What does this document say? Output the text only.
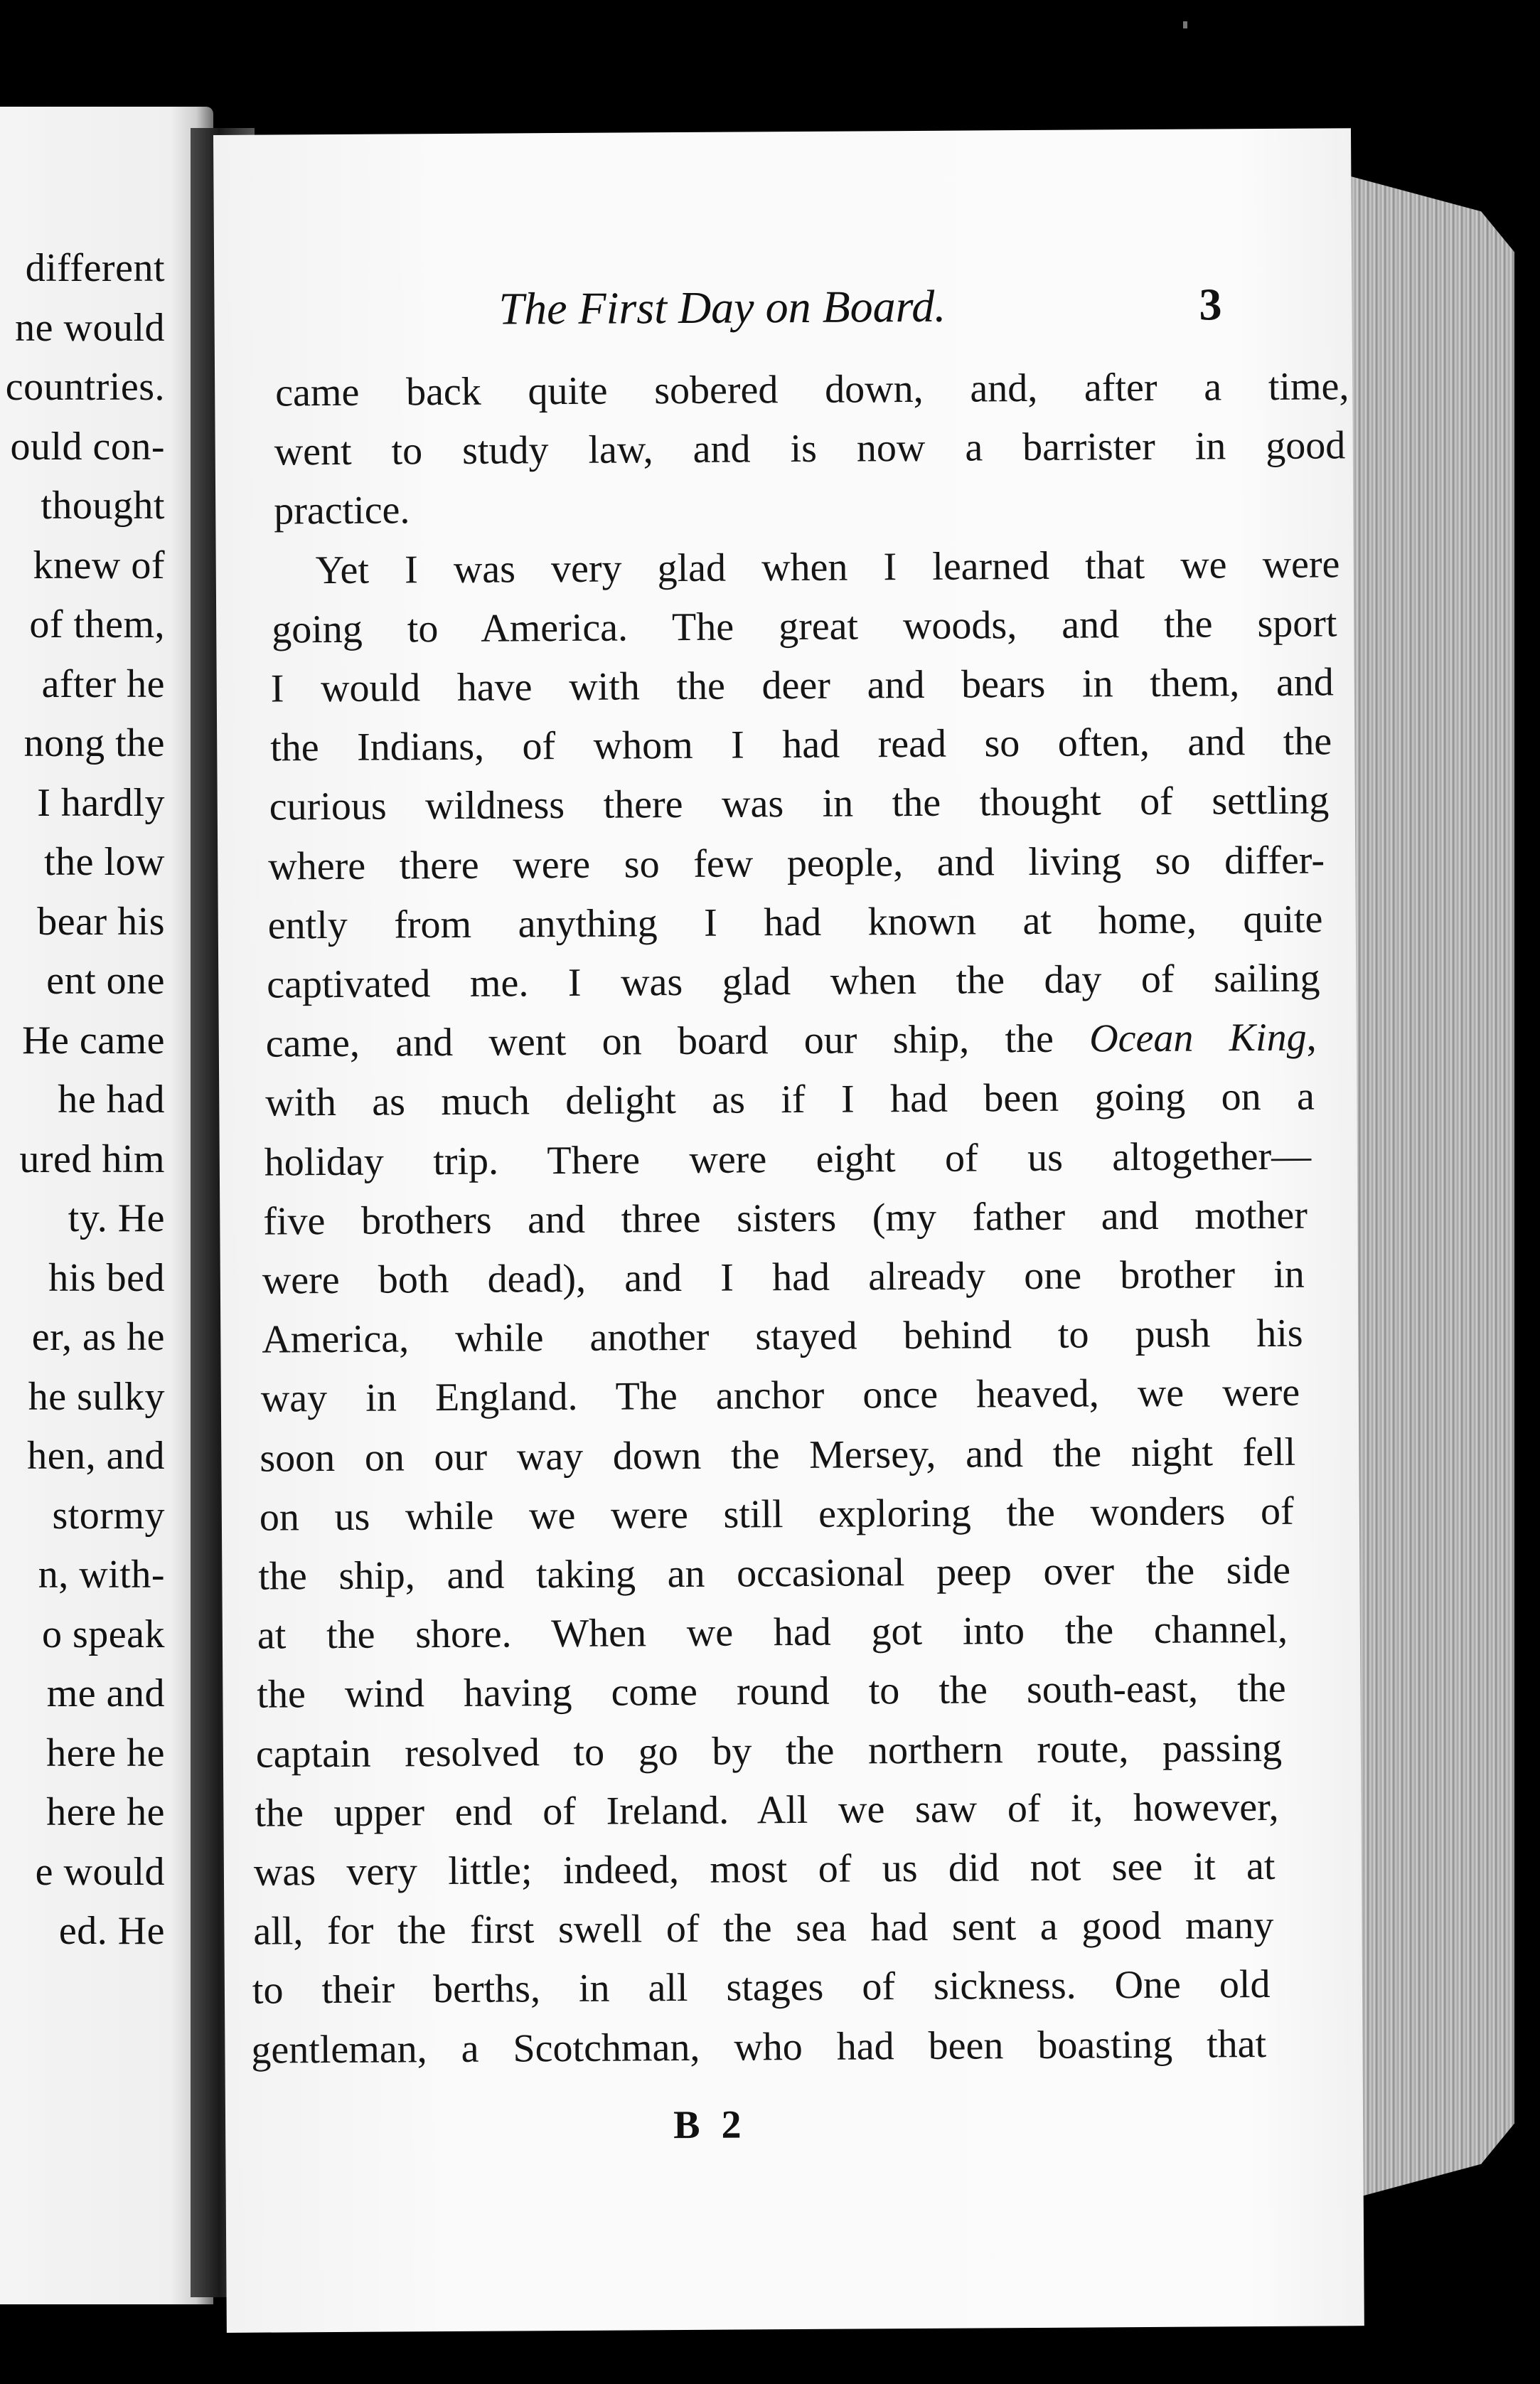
different
ne would
countries.
ould con-
thought
knew of
of them,
after he
nong the
I hardly
the low
bear his
ent one
He came
he had
ured him
ty. He
his bed
er, as he
he sulky
hen, and
stormy
n, with-
o speak
me and
here he
here he
e would
ed. He
The First Day on Board.	3
came back quite sobered down, and, after a time,
went to study law, and is now a barrister in good
practice.
Yet I was very glad when I learned that we were
going to America. The great woods, and the sport
I would have with the deer and bears in them, and
the Indians, of whom I had read so often, and the
curious wildness there was in the thought of settling
where there were so few people, and living so differ-
ently from anything I had known at home, quite
captivated me. I was glad when the day of sailing
came, and went on board our ship, the Ocean King,
with as much delight as if I had been going on a
holiday trip. There were eight of us altogether—
five brothers and three sisters (my father and mother
were both dead), and I had already one brother in
America, while another stayed behind to push his
way in England. The anchor once heaved, we were
soon on our way down the Mersey, and the night fell
on us while we were still exploring the wonders of
the ship, and taking an occasional peep over the side
at the shore. When we had got into the channel,
the wind having come round to the south-east, the
captain resolved to go by the northern route, passing
the upper end of Ireland. All we saw of it, however,
was very little; indeed, most of us did not see it at
all, for the first swell of the sea had sent a good many
to their berths, in all stages of sickness. One old
gentleman, a Scotchman, who had been boasting that
B 2
